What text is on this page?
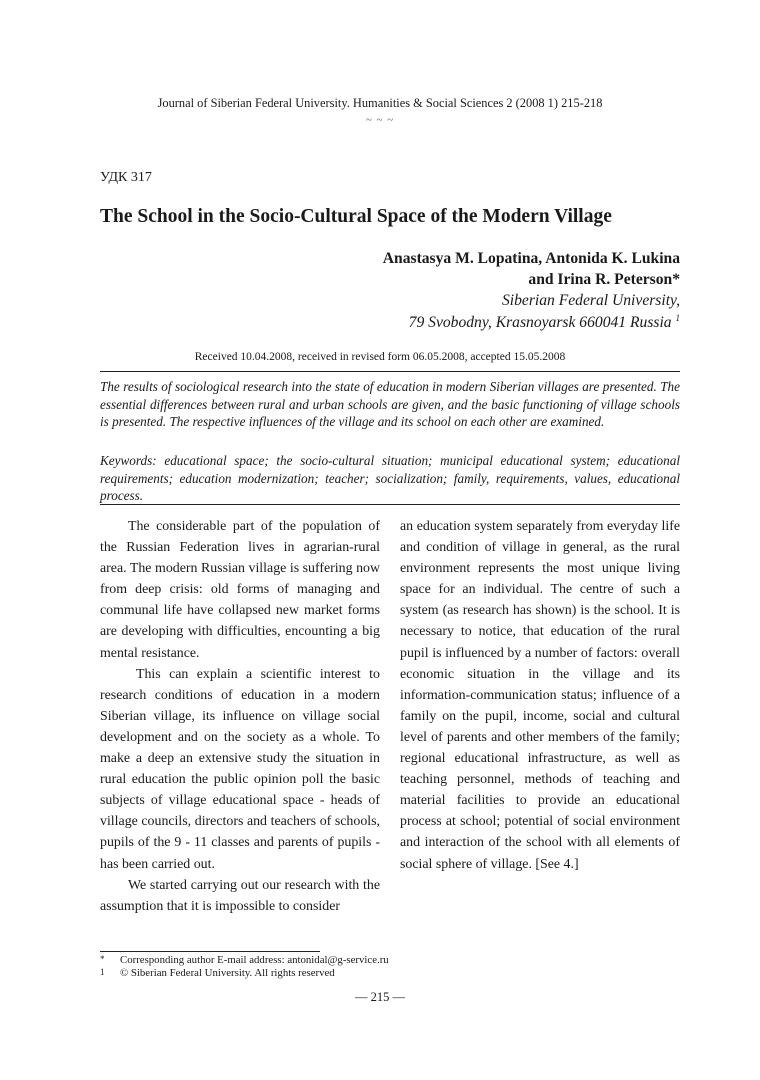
Journal of Siberian Federal University. Humanities & Social Sciences 2 (2008 1) 215-218
~ ~ ~
УДК 317
The School in the Socio-Cultural Space of the Modern Village
Anastasya M. Lopatina, Antonida K. Lukina
and Irina R. Peterson*
Siberian Federal University,
79 Svobodny, Krasnoyarsk 660041 Russia $^1$
Received 10.04.2008, received in revised form 06.05.2008, accepted 15.05.2008
The results of sociological research into the state of education in modern Siberian villages are presented. The essential differences between rural and urban schools are given, and the basic functioning of village schools is presented. The respective influences of the village and its school on each other are examined.
Keywords: educational space; the socio-cultural situation; municipal educational system; educational requirements; education modernization; teacher; socialization; family, requirements, values, educational process.

The considerable part of the population of the Russian Federation lives in agrarian-rural area. The modern Russian village is suffering now from deep crisis: old forms of managing and communal life have collapsed new market forms are developing with difficulties, encounting a big mental resistance.

This can explain a scientific interest to research conditions of education in a modern Siberian village, its influence on village social development and on the society as a whole. To make a deep an extensive study the situation in rural education the public opinion poll the basic subjects of village educational space - heads of village councils, directors and teachers of schools, pupils of the 9 - 11 classes and parents of pupils - has been carried out.

We started carrying out our research with the assumption that it is impossible to consider

an education system separately from everyday life and condition of village in general, as the rural environment represents the most unique living space for an individual. The centre of such a system (as research has shown) is the school. It is necessary to notice, that education of the rural pupil is influenced by a number of factors: overall economic situation in the village and its information-communication status; influence of a family on the pupil, income, social and cultural level of parents and other members of the family; regional educational infrastructure, as well as teaching personnel, methods of teaching and material facilities to provide an educational process at school; potential of social environment and interaction of the school with all elements of social sphere of village. [See 4.]

* Corresponding author E-mail address: antonidal@g-service.ru
1 © Siberian Federal University. All rights reserved
— 215 —
